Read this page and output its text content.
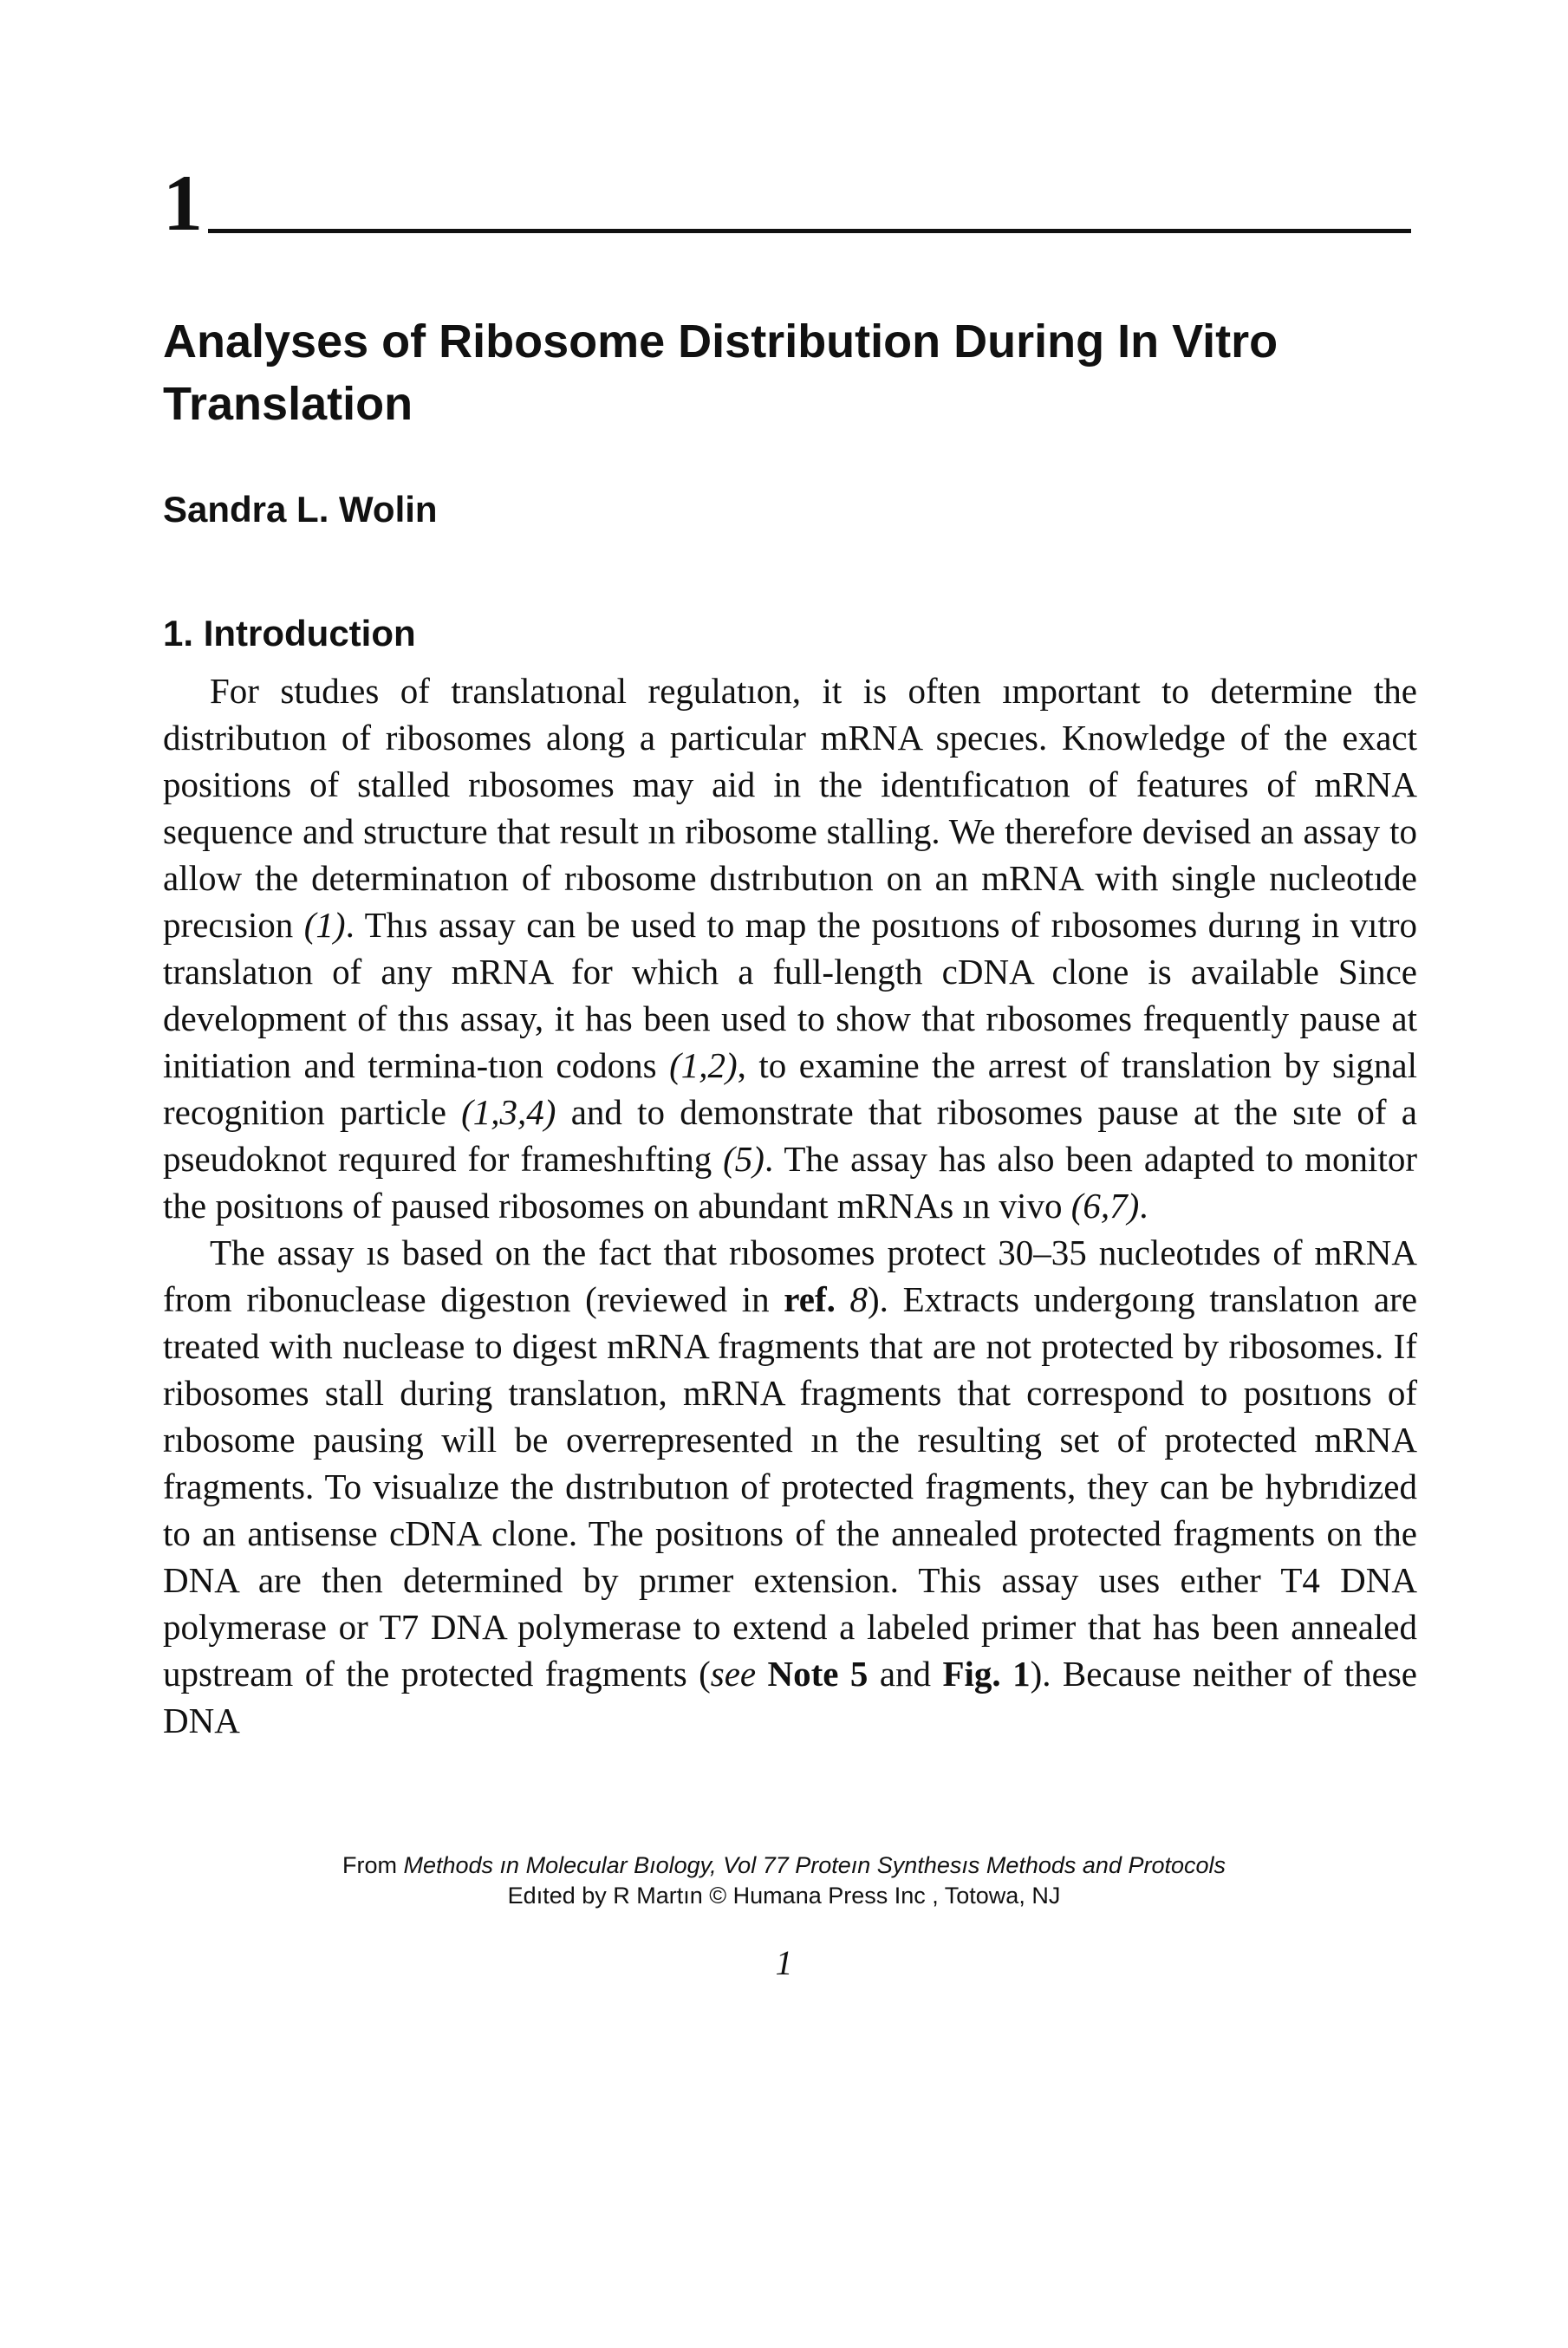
1
Analyses of Ribosome Distribution During In Vitro Translation

Sandra L. Wolin

1. Introduction

For studıes of translatıonal regulatıon, it is often ımportant to determine the distributıon of ribosomes along a particular mRNA specıes. Knowledge of the exact positions of stalled rıbosomes may aid in the identıficatıon of features of mRNA sequence and structure that result ın ribosome stalling. We therefore devised an assay to allow the determinatıon of rıbosome dıstrıbutıon on an mRNA with single nucleotıde precısion (1). Thıs assay can be used to map the posıtıons of rıbosomes durıng in vıtro translatıon of any mRNA for which a full-length cDNA clone is available Since development of thıs assay, it has been used to show that rıbosomes frequently pause at initiation and termina-tıon codons (1,2), to examine the arrest of translation by signal recognition particle (1,3,4) and to demonstrate that ribosomes pause at the sıte of a pseudoknot requıred for frameshıfting (5). The assay has also been adapted to monitor the positıons of paused ribosomes on abundant mRNAs ın vivo (6,7).

The assay ıs based on the fact that rıbosomes protect 30–35 nucleotıdes of mRNA from ribonuclease digestıon (reviewed in ref. 8). Extracts undergoıng translatıon are treated with nuclease to digest mRNA fragments that are not protected by ribosomes. If ribosomes stall during translatıon, mRNA fragments that correspond to posıtıons of rıbosome pausing will be overrepresented ın the resulting set of protected mRNA fragments. To visualıze the dıstrıbutıon of protected fragments, they can be hybrıdized to an antisense cDNA clone. The positıons of the annealed protected fragments on the DNA are then determined by prımer extension. This assay uses eıther T4 DNA polymerase or T7 DNA polymerase to extend a labeled primer that has been annealed upstream of the protected fragments (see Note 5 and Fig. 1). Because neither of these DNA

From Methods ın Molecular Bıology, Vol 77 Proteın Synthesıs Methods and Protocols
Edıted by R Martın © Humana Press Inc , Totowa, NJ
1
